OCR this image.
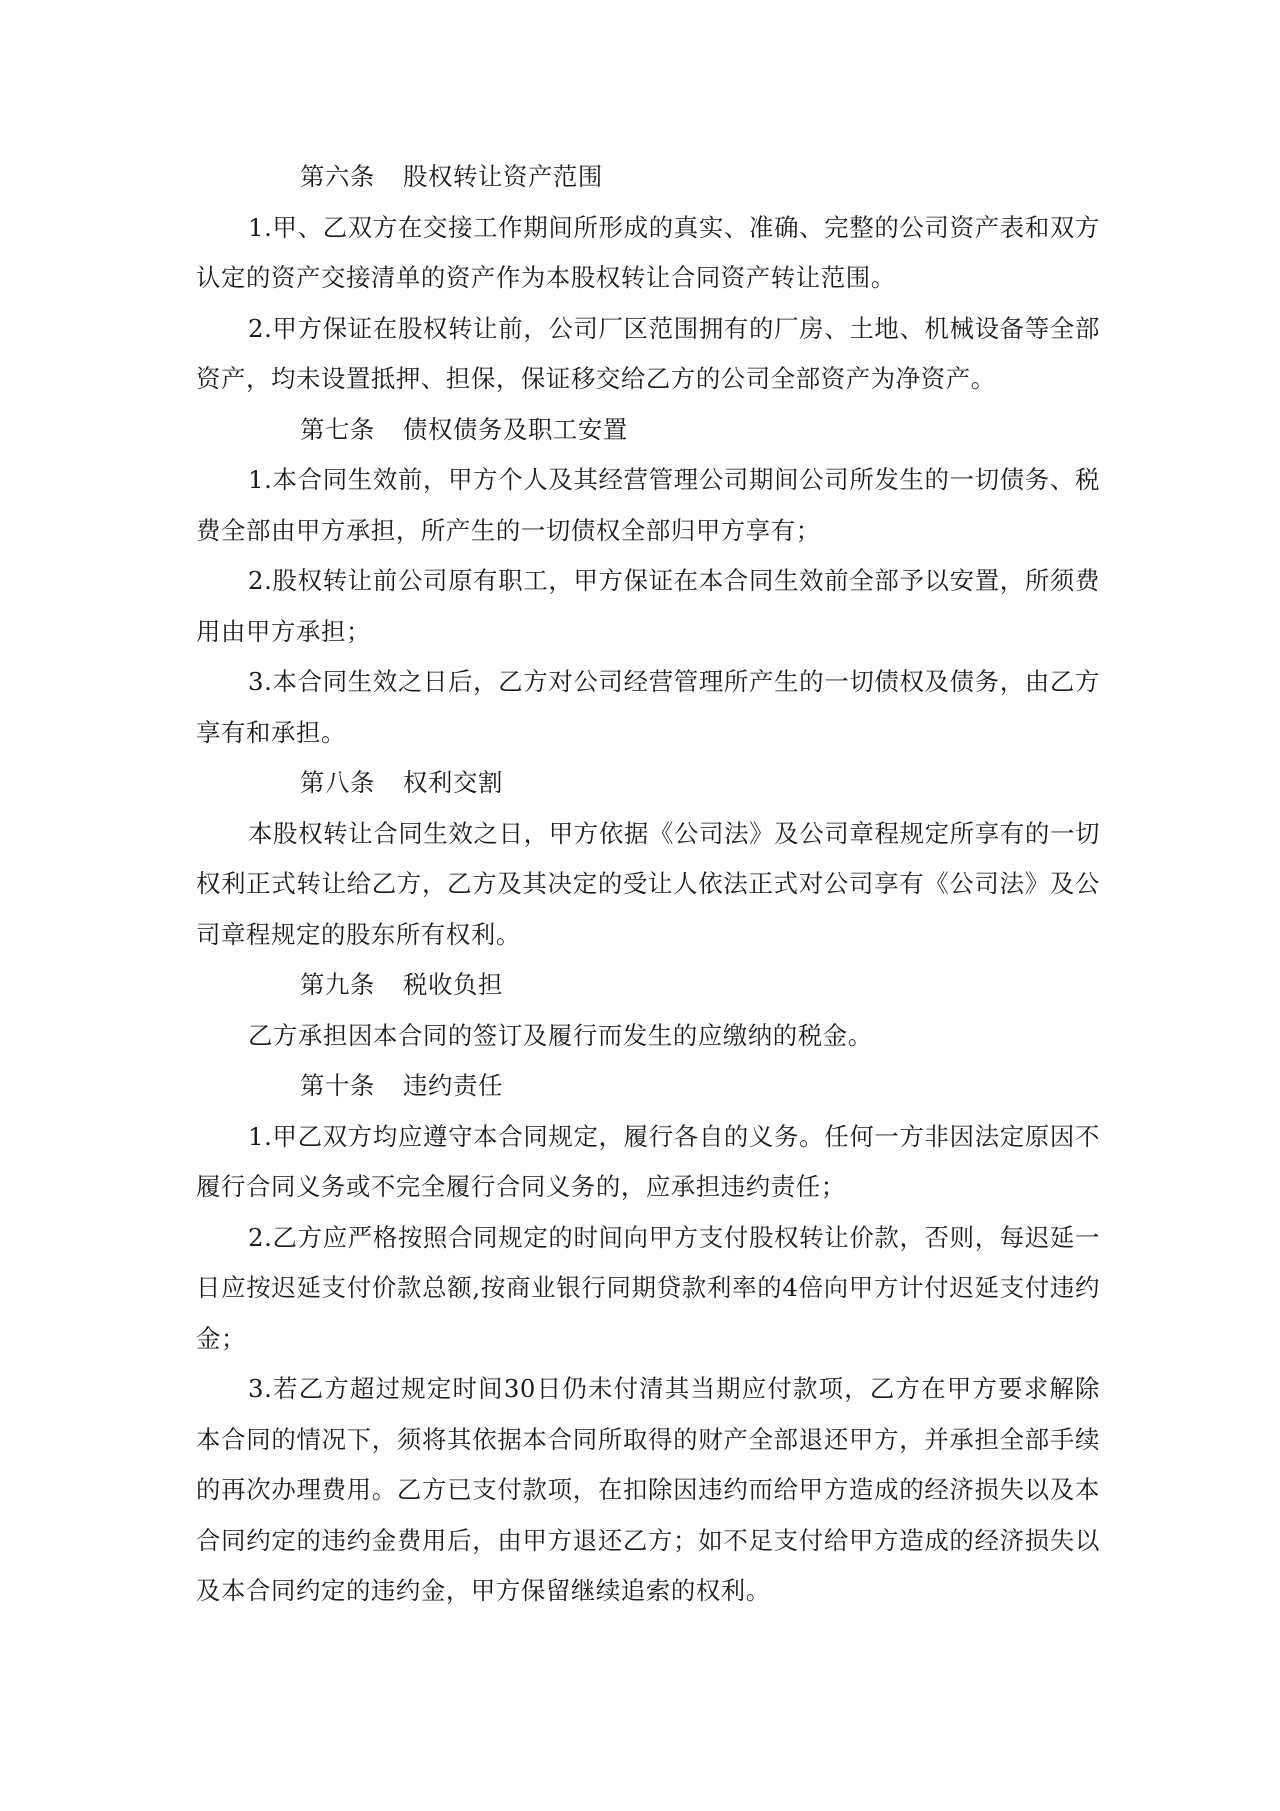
第六条 股权转让资产范围

1.甲、乙双方在交接工作期间所形成的真实、准确、完整的公司资产表和双方认定的资产交接清单的资产作为本股权转让合同资产转让范围。

2.甲方保证在股权转让前，公司厂区范围拥有的厂房、土地、机械设备等全部资产，均未设置抵押、担保，保证移交给乙方的公司全部资产为净资产。

第七条 债权债务及职工安置

1.本合同生效前，甲方个人及其经营管理公司期间公司所发生的一切债务、税费全部由甲方承担，所产生的一切债权全部归甲方享有；

2.股权转让前公司原有职工，甲方保证在本合同生效前全部予以安置，所须费用由甲方承担；

3.本合同生效之日后，乙方对公司经营管理所产生的一切债权及债务，由乙方享有和承担。

第八条 权利交割

本股权转让合同生效之日，甲方依据《公司法》及公司章程规定所享有的一切权利正式转让给乙方，乙方及其决定的受让人依法正式对公司享有《公司法》及公司章程规定的股东所有权利。

第九条 税收负担

乙方承担因本合同的签订及履行而发生的应缴纳的税金。

第十条 违约责任

1.甲乙双方均应遵守本合同规定，履行各自的义务。任何一方非因法定原因不履行合同义务或不完全履行合同义务的，应承担违约责任；

2.乙方应严格按照合同规定的时间向甲方支付股权转让价款，否则，每迟延一日应按迟延支付价款总额,按商业银行同期贷款利率的4倍向甲方计付迟延支付违约金；

3.若乙方超过规定时间30日仍未付清其当期应付款项，乙方在甲方要求解除本合同的情况下，须将其依据本合同所取得的财产全部退还甲方，并承担全部手续的再次办理费用。乙方已支付款项，在扣除因违约而给甲方造成的经济损失以及本合同约定的违约金费用后，由甲方退还乙方；如不足支付给甲方造成的经济损失以及本合同约定的违约金，甲方保留继续追索的权利。
